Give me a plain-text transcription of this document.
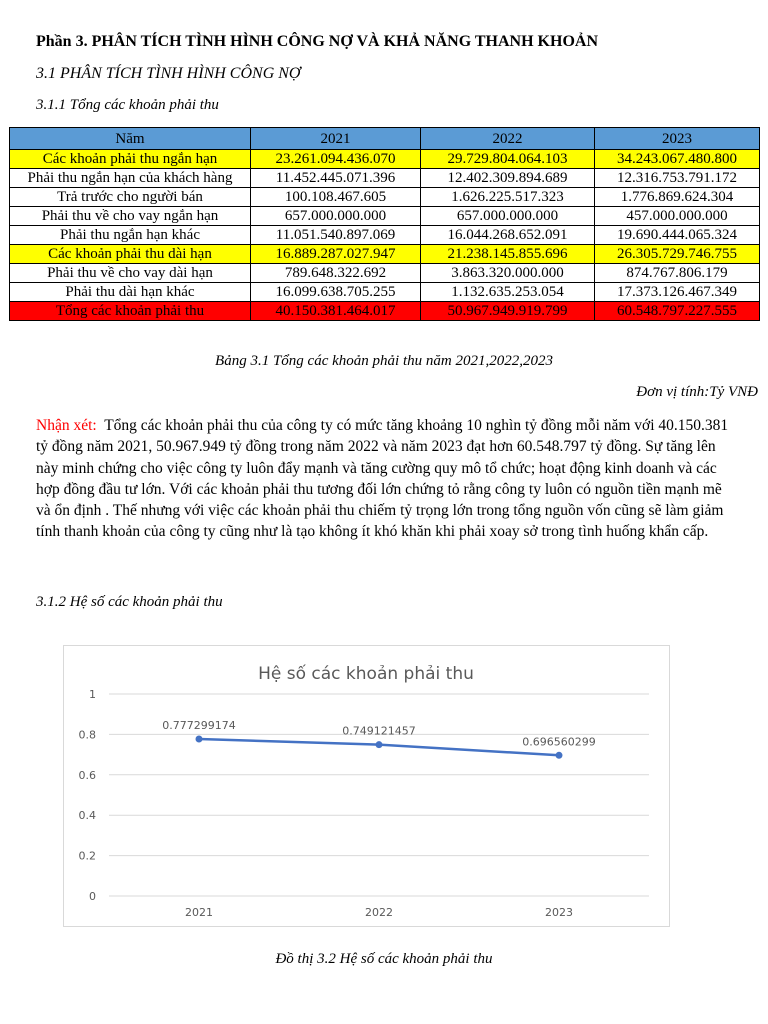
Phần 3. PHÂN TÍCH TÌNH HÌNH CÔNG NỢ VÀ KHẢ NĂNG THANH KHOẢN
3.1 PHÂN TÍCH TÌNH HÌNH CÔNG NỢ
3.1.1 Tổng các khoản phải thu
Năm	2021	2022	2023
Các khoản phải thu ngắn hạn	23.261.094.436.070	29.729.804.064.103	34.243.067.480.800
Phải thu ngắn hạn của khách hàng	11.452.445.071.396	12.402.309.894.689	12.316.753.791.172
Trả trước cho người bán	100.108.467.605	1.626.225.517.323	1.776.869.624.304
Phải thu về cho vay ngắn hạn	657.000.000.000	657.000.000.000	457.000.000.000
Phải thu ngắn hạn khác	11.051.540.897.069	16.044.268.652.091	19.690.444.065.324
Các khoản phải thu dài hạn	16.889.287.027.947	21.238.145.855.696	26.305.729.746.755
Phải thu về cho vay dài hạn	789.648.322.692	3.863.320.000.000	874.767.806.179
Phải thu dài hạn khác	16.099.638.705.255	1.132.635.253.054	17.373.126.467.349
Tổng các khoản phải thu	40.150.381.464.017	50.967.949.919.799	60.548.797.227.555
Bảng 3.1 Tổng các khoản phải thu năm 2021,2022,2023
Đơn vị tính:Tỷ VNĐ
Nhận xét: Tổng các khoản phải thu của công ty có mức tăng khoảng 10 nghìn tỷ đồng mỗi năm với 40.150.381 tỷ đồng năm 2021, 50.967.949 tỷ đồng trong năm 2022 và năm 2023 đạt hơn 60.548.797 tỷ đồng. Sự tăng lên này minh chứng cho việc công ty luôn đẩy mạnh và tăng cường quy mô tổ chức; hoạt động kinh doanh và các hợp đồng đầu tư lớn. Với các khoản phải thu tương đối lớn chứng tỏ rằng công ty luôn có nguồn tiền mạnh mẽ và ổn định . Thế nhưng với việc các khoản phải thu chiếm tỷ trọng lớn trong tổng nguồn vốn cũng sẽ làm giảm tính thanh khoản của công ty cũng như là tạo không ít khó khăn khi phải xoay sở trong tình huống khẩn cấp.
3.1.2 Hệ số các khoản phải thu
Hệ số các khoản phải thu
0
0.2
0.4
0.6
0.8
1
2021	2022	2023
0.777299174	0.749121457
0.696560299
Đồ thị 3.2 Hệ số các khoản phải thu
